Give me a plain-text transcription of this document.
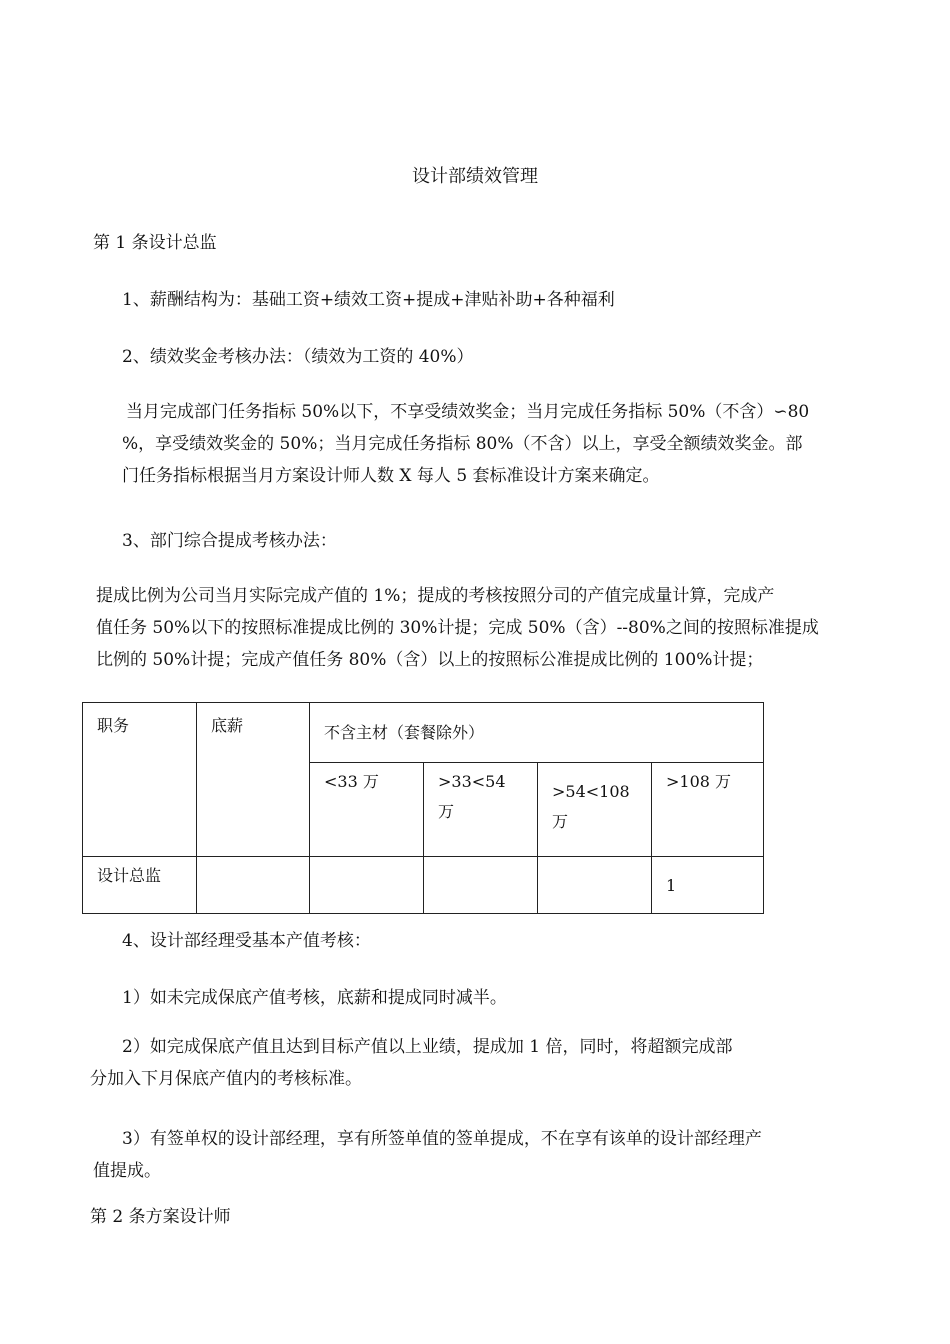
设计部绩效管理
第 1 条设计总监
1、薪酬结构为：基础工资+绩效工资+提成+津贴补助+各种福利
2、绩效奖金考核办法：（绩效为工资的 40%）
当月完成部门任务指标 50%以下，不享受绩效奖金；当月完成任务指标 50%（不含）∽80
%，享受绩效奖金的 50%；当月完成任务指标 80%（不含）以上，享受全额绩效奖金。部
门任务指标根据当月方案设计师人数 X 每人 5 套标准设计方案来确定。
3、部门综合提成考核办法：
提成比例为公司当月实际完成产值的 1%；提成的考核按照分司的产值完成量计算，完成产
值任务 50%以下的按照标准提成比例的 30%计提；完成 50%（含）--80%之间的按照标准提成
比例的 50%计提；完成产值任务 80%（含）以上的按照标公准提成比例的 100%计提；
职务	底薪	不含主材（套餐除外）			
		<33 万	>33<54 万	>54<108 万	>108 万
设计总监					1
4、设计部经理受基本产值考核：
1）如未完成保底产值考核，底薪和提成同时减半。
2）如完成保底产值且达到目标产值以上业绩，提成加 1 倍，同时，将超额完成部
分加入下月保底产值内的考核标准。
3）有签单权的设计部经理，享有所签单值的签单提成，不在享有该单的设计部经理产
值提成。
第 2 条方案设计师
